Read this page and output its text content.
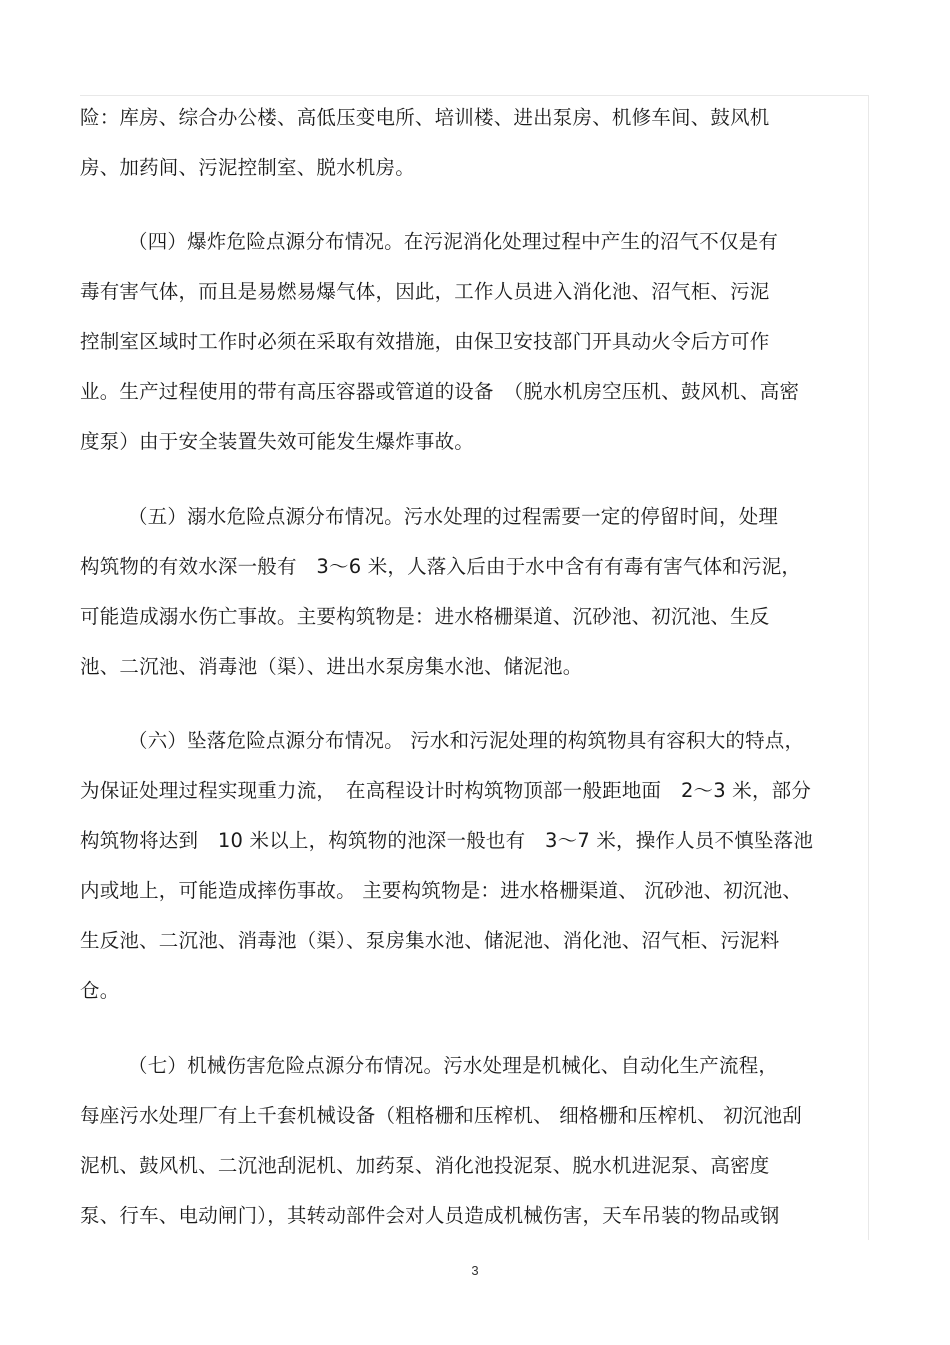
险：库房、综合办公楼、高低压变电所、培训楼、进出泵房、机修车间、鼓风机
房、加药间、污泥控制室、脱水机房。
（四）爆炸危险点源分布情况。在污泥消化处理过程中产生的沼气不仅是有
毒有害气体，而且是易燃易爆气体，因此，工作人员进入消化池、沼气柜、污泥
控制室区域时工作时必须在采取有效措施，由保卫安技部门开具动火令后方可作
业。生产过程使用的带有高压容器或管道的设备　（脱水机房空压机、鼓风机、高密
度泵）由于安全装置失效可能发生爆炸事故。
（五）溺水危险点源分布情况。污水处理的过程需要一定的停留时间，处理
构筑物的有效水深一般有　3～6 米，人落入后由于水中含有有毒有害气体和污泥，
可能造成溺水伤亡事故。主要构筑物是：进水格栅渠道、沉砂池、初沉池、生反
池、二沉池、消毒池（渠）、进出水泵房集水池、储泥池。
（六）坠落危险点源分布情况。 污水和污泥处理的构筑物具有容积大的特点，
为保证处理过程实现重力流，　在高程设计时构筑物顶部一般距地面　2～3 米，部分
构筑物将达到　10 米以上，构筑物的池深一般也有　3～7 米，操作人员不慎坠落池
内或地上，可能造成摔伤事故。 主要构筑物是：进水格栅渠道、 沉砂池、初沉池、
生反池、二沉池、消毒池（渠）、泵房集水池、储泥池、消化池、沼气柜、污泥料
仓。
（七）机械伤害危险点源分布情况。污水处理是机械化、自动化生产流程，
每座污水处理厂有上千套机械设备（粗格栅和压榨机、 细格栅和压榨机、 初沉池刮
泥机、鼓风机、二沉池刮泥机、加药泵、消化池投泥泵、脱水机进泥泵、高密度
泵、行车、电动闸门），其转动部件会对人员造成机械伤害，天车吊装的物品或钢
3
